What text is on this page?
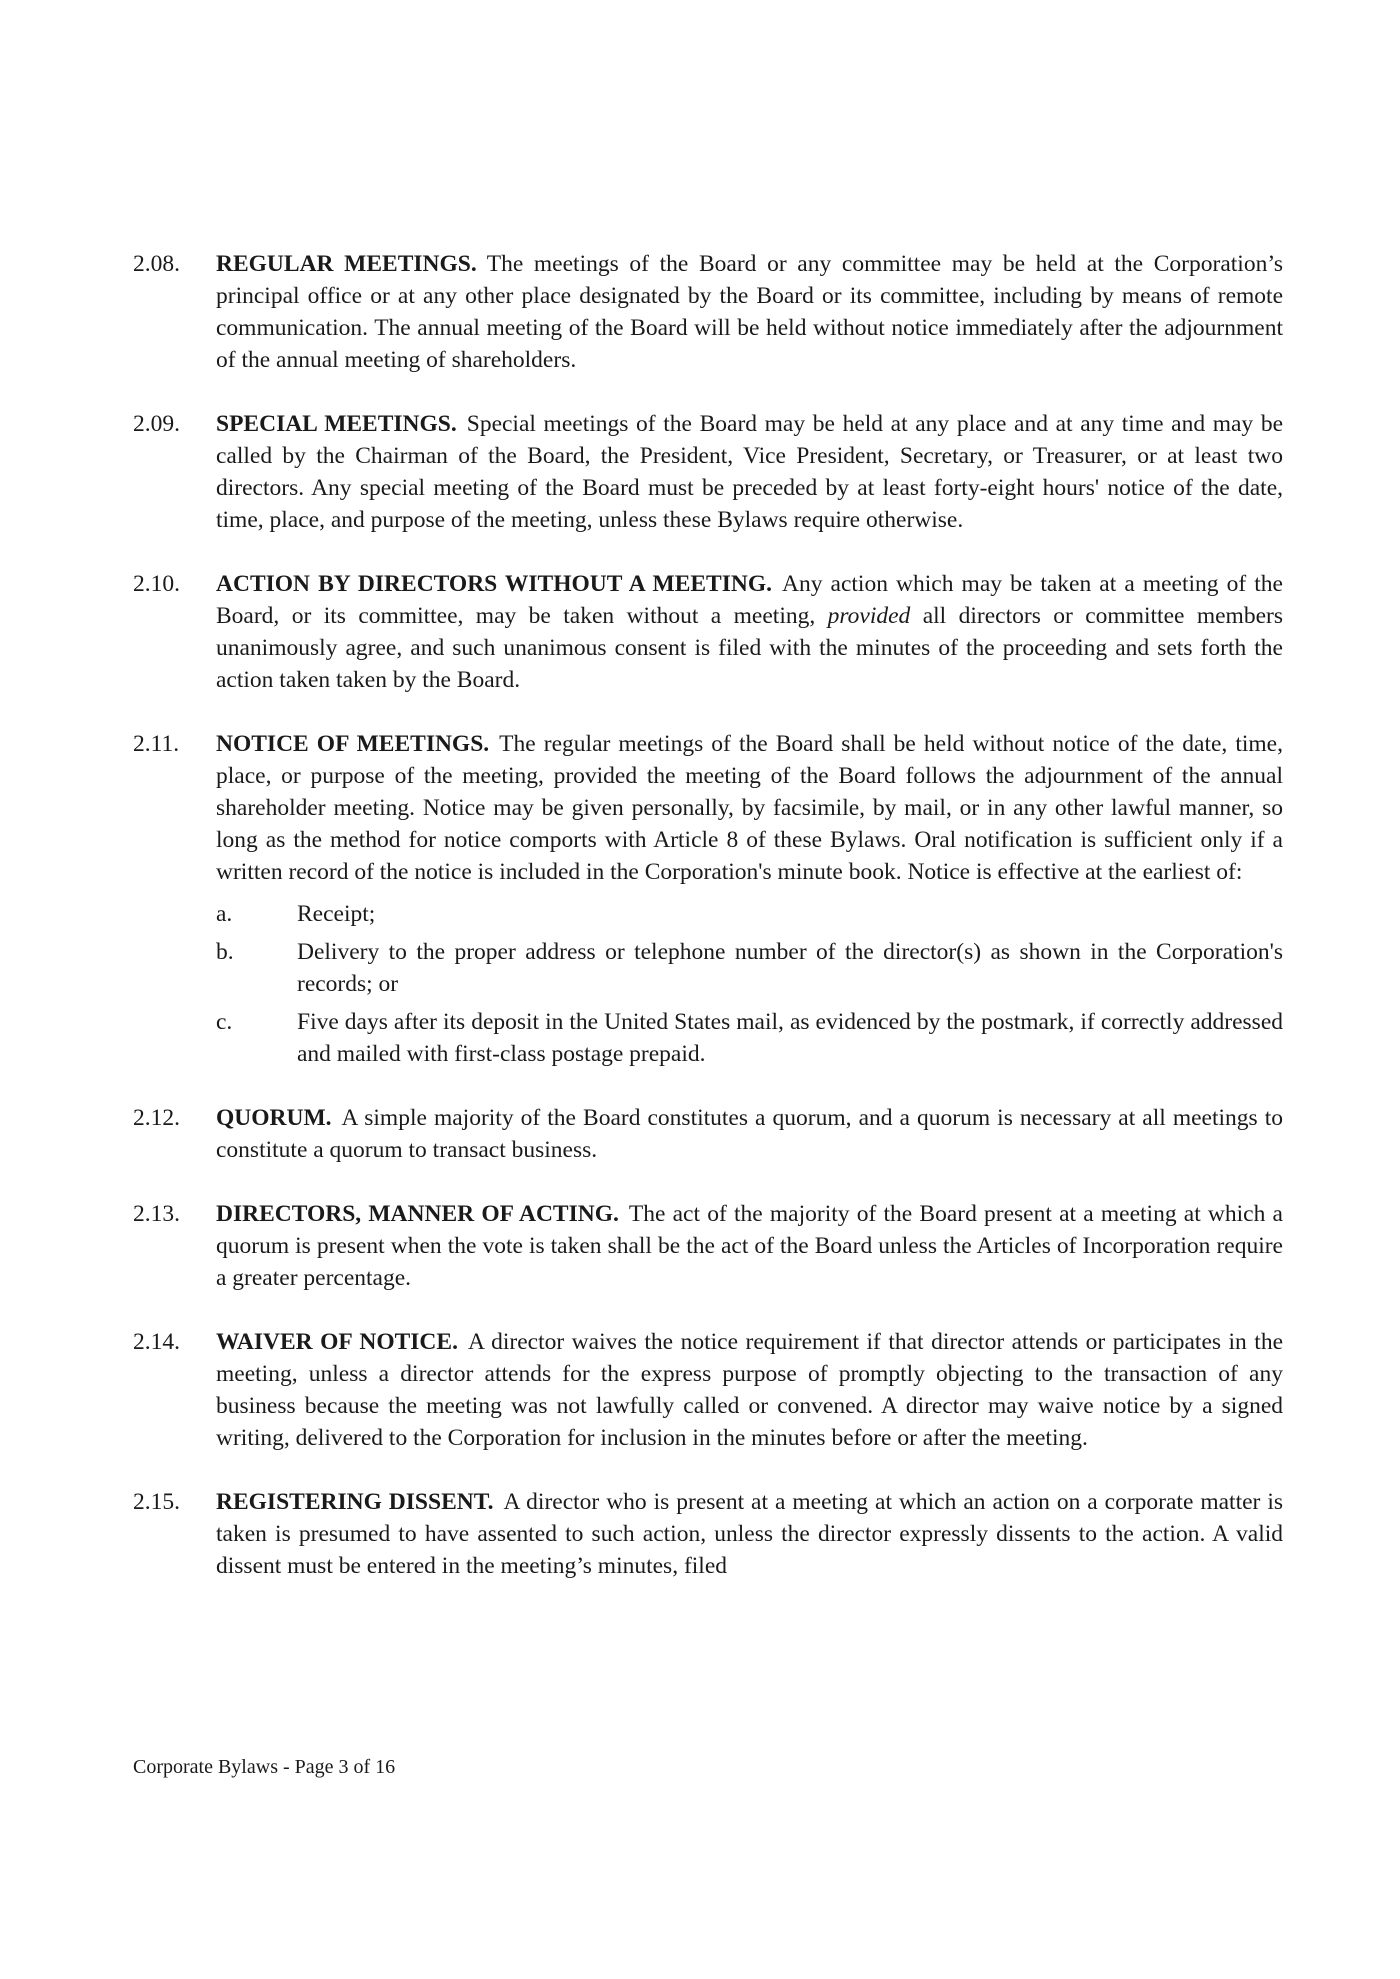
2.08. REGULAR MEETINGS. The meetings of the Board or any committee may be held at the Corporation’s principal office or at any other place designated by the Board or its committee, including by means of remote communication. The annual meeting of the Board will be held without notice immediately after the adjournment of the annual meeting of shareholders.
2.09. SPECIAL MEETINGS. Special meetings of the Board may be held at any place and at any time and may be called by the Chairman of the Board, the President, Vice President, Secretary, or Treasurer, or at least two directors. Any special meeting of the Board must be preceded by at least forty-eight hours' notice of the date, time, place, and purpose of the meeting, unless these Bylaws require otherwise.
2.10. ACTION BY DIRECTORS WITHOUT A MEETING. Any action which may be taken at a meeting of the Board, or its committee, may be taken without a meeting, provided all directors or committee members unanimously agree, and such unanimous consent is filed with the minutes of the proceeding and sets forth the action taken taken by the Board.
2.11. NOTICE OF MEETINGS. The regular meetings of the Board shall be held without notice of the date, time, place, or purpose of the meeting, provided the meeting of the Board follows the adjournment of the annual shareholder meeting. Notice may be given personally, by facsimile, by mail, or in any other lawful manner, so long as the method for notice comports with Article 8 of these Bylaws. Oral notification is sufficient only if a written record of the notice is included in the Corporation's minute book. Notice is effective at the earliest of:
a.	Receipt;
b.	Delivery to the proper address or telephone number of the director(s) as shown in the Corporation's records; or
c.	Five days after its deposit in the United States mail, as evidenced by the postmark, if correctly addressed and mailed with first-class postage prepaid.
2.12. QUORUM. A simple majority of the Board constitutes a quorum, and a quorum is necessary at all meetings to constitute a quorum to transact business.
2.13. DIRECTORS, MANNER OF ACTING. The act of the majority of the Board present at a meeting at which a quorum is present when the vote is taken shall be the act of the Board unless the Articles of Incorporation require a greater percentage.
2.14. WAIVER OF NOTICE. A director waives the notice requirement if that director attends or participates in the meeting, unless a director attends for the express purpose of promptly objecting to the transaction of any business because the meeting was not lawfully called or convened. A director may waive notice by a signed writing, delivered to the Corporation for inclusion in the minutes before or after the meeting.
2.15. REGISTERING DISSENT. A director who is present at a meeting at which an action on a corporate matter is taken is presumed to have assented to such action, unless the director expressly dissents to the action. A valid dissent must be entered in the meeting’s minutes, filed
Corporate Bylaws - Page 3 of 16
